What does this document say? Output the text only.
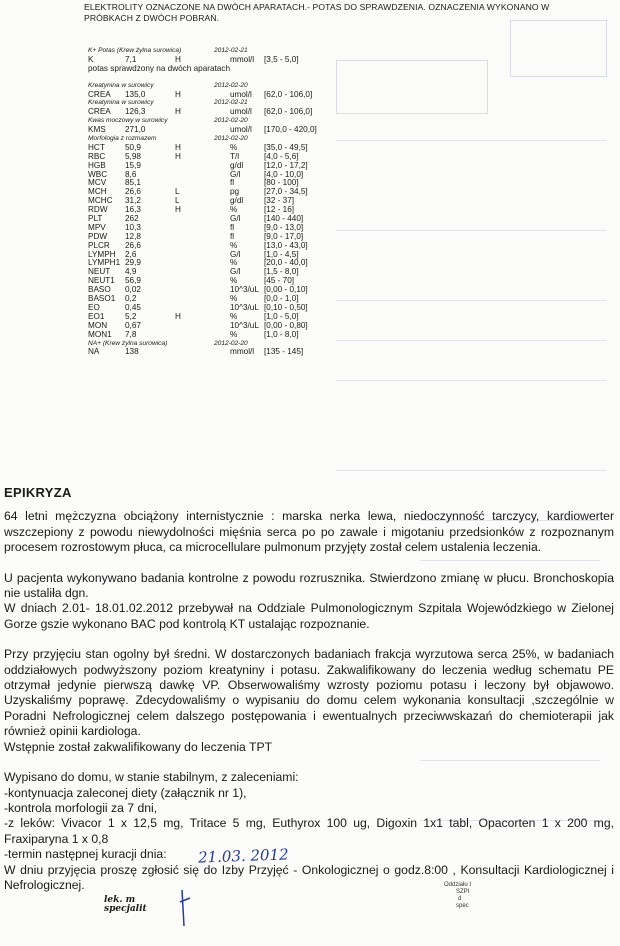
ELEKTROLITY OZNACZONE NA DWÓCH APARATACH.- POTAS DO SPRAWDZENIA. OZNACZENIA WYKONANO W
PRÓBKACH Z DWÓCH POBRAŃ.
K+ Potas (Krew żylna surowica)	2012-02-21
K	7,1	H	mmol/l [3,5 - 5,0]
potas sprawdzony na dwóch aparatach
Kreatynina w surowicy	2012-02-20
CREA 135,0	H	umol/l [62,0 - 106,0]
Kreatynina w surowicy	2012-02-21
CREA 126,3	H	umol/l [62,0 - 106,0]
Kwas moczowy w surowicy	2012-02-20
KMS 271,0	umol/l [170,0 - 420,0]
Morfologia z rozmazem	2012-02-20
HCT 50,9	H	%	[35,0 - 49,5]
RBC 5,98	H	T/l	[4,0 - 5,6]
HGB 15,9	g/dl	[12,0 - 17,2]
WBC 8,6	G/l	[4,0 - 10,0]
MCV 85,1	fl	[80 - 100]
MCH 26,6	L	pg	[27,0 - 34,5]
MCHC 31,2	L	g/dl	[32 - 37]
RDW 16,3	H	%	[12 - 16]
PLT	262	G/l	[140 - 440]
MPV 10,3	fl	[9,0 - 13,0]
PDW 12,8	fl	[9,0 - 17,0]
PLCR 26,6	%	[13,0 - 43,0]
LYMPH 2,6	G/l	[1,0 - 4,5]
LYMPH1 29,9	%	[20,0 - 40,0]
NEUT 4,9	G/l	[1,5 - 8,0]
NEUT1 56,9	%	[45 - 70]
BASO 0,02	10^3/uL [0,00 - 0,10]
BASO1 0,2	%	[0,0 - 1,0]
EO	0,45	10^3/uL [0,10 - 0,50]
EO1	5,2	H	%	[1,0 - 5,0]
MON 0,67	10^3/uL [0,00 - 0,80]
MON1 7,8	%	[1,0 - 8,0]
NA+ (Krew żylna surowica)	2012-02-20
NA	138	mmol/l [135 - 145]
EPIKRYZA

64 letni mężczyzna obciążony internistycznie : marska nerka lewa, niedoczynność tarczycy, kardiowerter wszczepiony z powodu niewydolności mięśnia serca po po zawale i migotaniu przedsionków z rozpoznanym procesem rozrostowym płuca, ca microcellulare pulmonum przyjęty został celem ustalenia leczenia.

U pacjenta wykonywano badania kontrolne z powodu rozrusznika. Stwierdzono zmianę w płucu. Bronchoskopia nie ustaliła dgn.

W dniach 2.01- 18.01.02.2012 przebywał na Oddziale Pulmonologicznym Szpitala Wojewódzkiego w Zielonej Gorze gszie wykonano BAC pod kontrolą KT ustalając rozpoznanie.

Przy przyjęciu stan ogolny był średni. W dostarczonych badaniach frakcja wyrzutowa serca 25%, w badaniach oddziałowych podwyższony poziom kreatyniny i potasu. Zakwalifikowany do leczenia według schematu PE otrzymał jedynie pierwszą dawkę VP. Obserwowaliśmy wzrosty poziomu potasu i leczony był objawowo. Uzyskaliśmy poprawę. Zdecydowaliśmy o wypisaniu do domu celem wykonania konsultacji ,szczególnie w Poradni Nefrologicznej celem dalszego postępowania i ewentualnych przeciwwskazań do chemioterapii jak również opinii kardiologa.

Wstępnie został zakwalifikowany do leczenia TPT

Wypisano do domu, w stanie stabilnym, z zaleceniami:

-kontynuacja zaleconej diety (załącznik nr 1),

-kontrola morfologii za 7 dni,

-z leków: Vivacor 1 x 12,5 mg, Tritace 5 mg, Euthyrox 100 ug, Digoxin 1x1 tabl, Opacorten 1 x 200 mg, Fraxiparyna 1 x 0,8

-termin następnej kuracji dnia:

W dniu przyjęcia proszę zgłosić się do Izby Przyjęć - Onkologicznej o godz.8:00 , Konsultacji Kardiologicznej i Nefrologicznej.

21.03. 2012
lek. m
specjalit
Oddziału I
SZPI
d
spec
